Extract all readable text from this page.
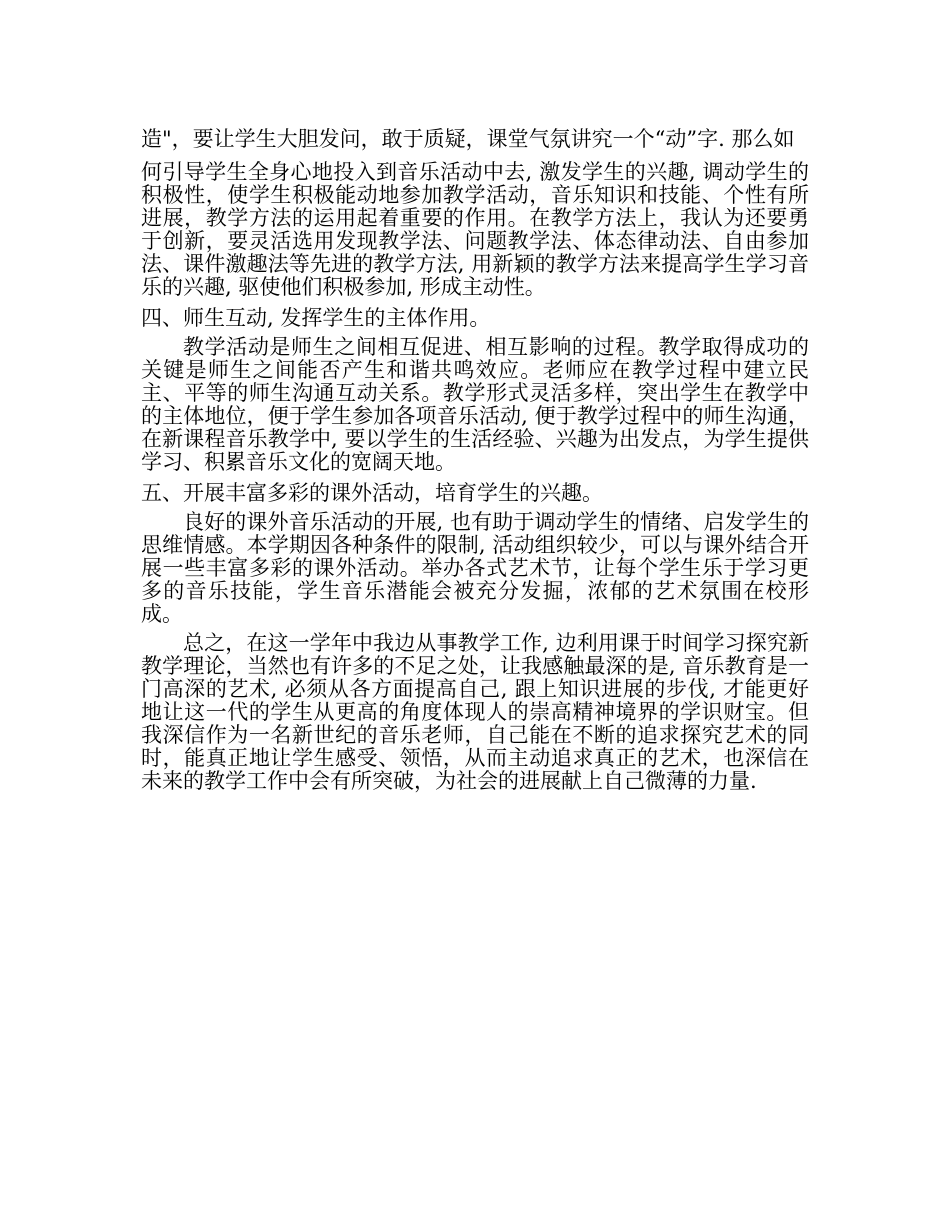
造"，要让学生大胆发问，敢于质疑，课堂气氛讲究一个“动”字. 那么如

何引导学生全身心地投入到音乐活动中去, 激发学生的兴趣, 调动学生的积极性，使学生积极能动地参加教学活动，音乐知识和技能、个性有所进展，教学方法的运用起着重要的作用。在教学方法上，我认为还要勇于创新，要灵活选用发现教学法、问题教学法、体态律动法、自由参加法、课件激趣法等先进的教学方法, 用新颖的教学方法来提高学生学习音乐的兴趣, 驱使他们积极参加, 形成主动性。

四、师生互动, 发挥学生的主体作用。

教学活动是师生之间相互促进、相互影响的过程。教学取得成功的关键是师生之间能否产生和谐共鸣效应。老师应在教学过程中建立民主、平等的师生沟通互动关系。教学形式灵活多样，突出学生在教学中的主体地位，便于学生参加各项音乐活动, 便于教学过程中的师生沟通，在新课程音乐教学中, 要以学生的生活经验、兴趣为出发点，为学生提供学习、积累音乐文化的宽阔天地。

五、开展丰富多彩的课外活动，培育学生的兴趣。

良好的课外音乐活动的开展, 也有助于调动学生的情绪、启发学生的思维情感。本学期因各种条件的限制, 活动组织较少，可以与课外结合开展一些丰富多彩的课外活动。举办各式艺术节，让每个学生乐于学习更多的音乐技能，学生音乐潜能会被充分发掘，浓郁的艺术氛围在校形成。

总之，在这一学年中我边从事教学工作, 边利用课于时间学习探究新教学理论，当然也有许多的不足之处，让我感触最深的是, 音乐教育是一门高深的艺术, 必须从各方面提高自己, 跟上知识进展的步伐, 才能更好地让这一代的学生从更高的角度体现人的崇高精神境界的学识财宝。但我深信作为一名新世纪的音乐老师，自己能在不断的追求探究艺术的同时，能真正地让学生感受、领悟，从而主动追求真正的艺术，也深信在未来的教学工作中会有所突破，为社会的进展献上自己微薄的力量.
